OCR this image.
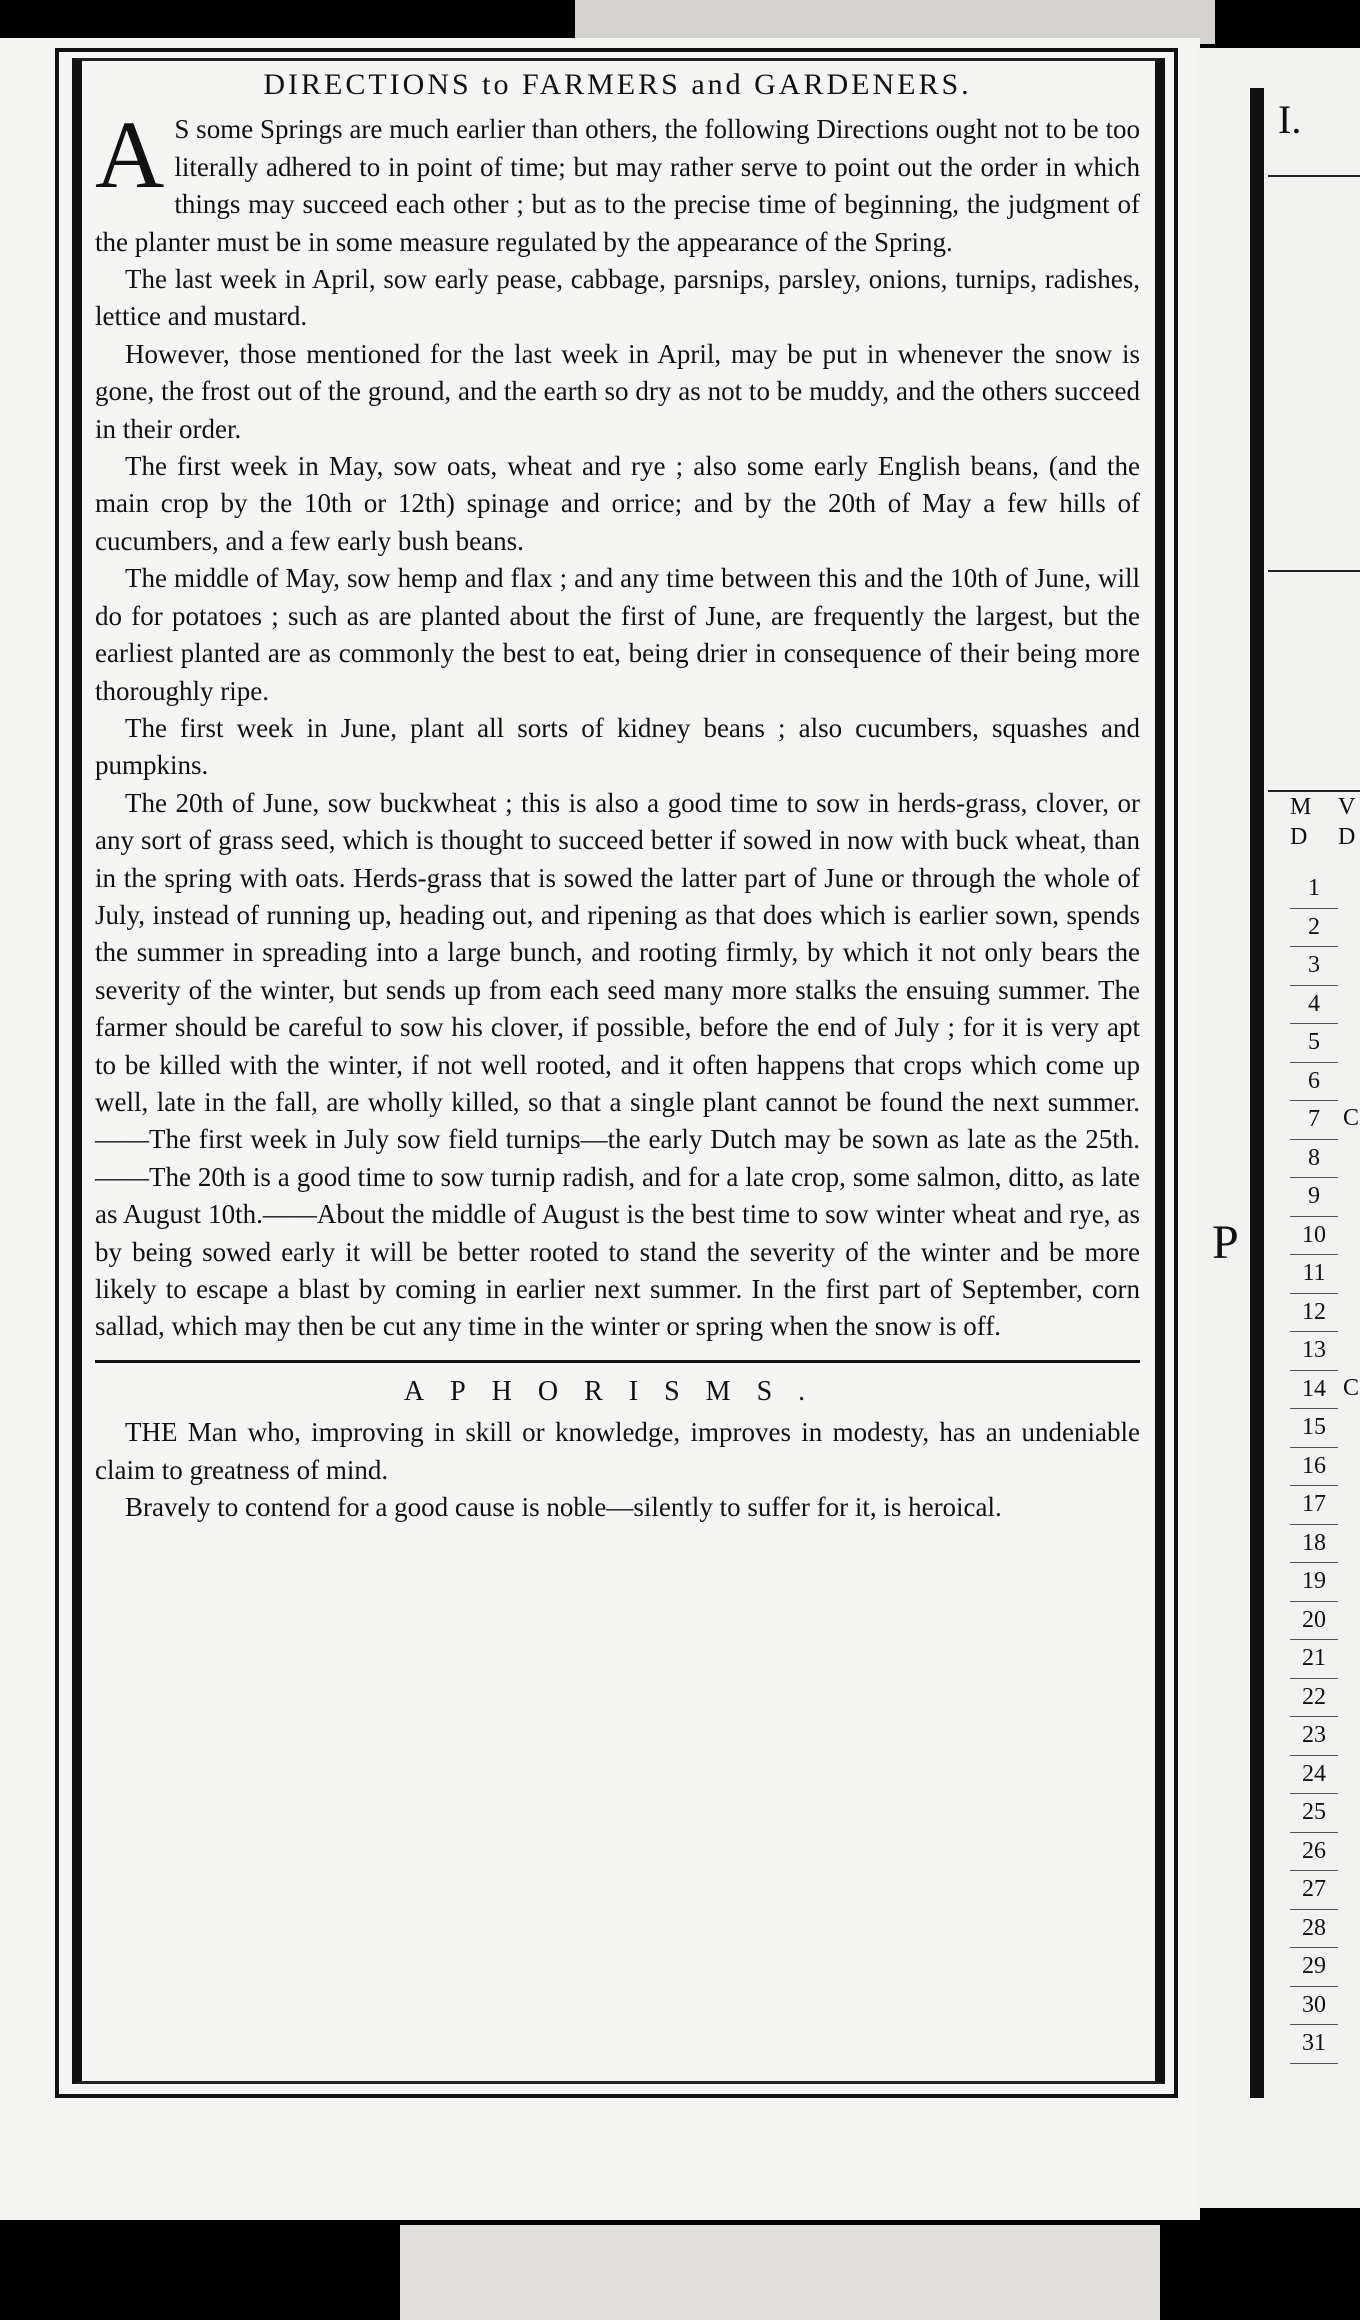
DIRECTIONS to FARMERS and GARDENERS.

A S some Springs are much earlier than others, the following Directions ought not to be too literally adhered to in point of time; but may rather serve to point out the order in which things may succeed each other ; but as to the precise time of beginning, the judgment of the planter must be in some measure regulated by the appearance of the Spring.

The last week in April, sow early pease, cabbage, parsnips, parsley, onions, turnips, radishes, lettice and mustard.

However, those mentioned for the last week in April, may be put in whenever the snow is gone, the frost out of the ground, and the earth so dry as not to be muddy, and the others succeed in their order.

The first week in May, sow oats, wheat and rye ; also some early English beans, (and the main crop by the 10th or 12th) spinage and orrice; and by the 20th of May a few hills of cucumbers, and a few early bush beans.

The middle of May, sow hemp and flax ; and any time between this and the 10th of June, will do for potatoes ; such as are planted about the first of June, are frequently the largest, but the earliest planted are as commonly the best to eat, being drier in consequence of their being more thoroughly ripe.

The first week in June, plant all sorts of kidney beans ; also cucumbers, squashes and pumpkins.

The 20th of June, sow buckwheat ; this is also a good time to sow in herds-grass, clover, or any sort of grass seed, which is thought to succeed better if sowed in now with buck wheat, than in the spring with oats. Herds-grass that is sowed the latter part of June or through the whole of July, instead of running up, heading out, and ripening as that does which is earlier sown, spends the summer in spreading into a large bunch, and rooting firmly, by which it not only bears the severity of the winter, but sends up from each seed many more stalks the ensuing summer. The farmer should be careful to sow his clover, if possible, before the end of July ; for it is very apt to be killed with the winter, if not well rooted, and it often happens that crops which come up well, late in the fall, are wholly killed, so that a single plant cannot be found the next summer.——The first week in July sow field turnips—the early Dutch may be sown as late as the 25th.——The 20th is a good time to sow turnip radish, and for a late crop, some salmon, ditto, as late as August 10th.——About the middle of August is the best time to sow winter wheat and rye, as by being sowed early it will be better rooted to stand the severity of the winter and be more likely to escape a blast by coming in earlier next summer. In the first part of September, corn sallad, which may then be cut any time in the winter or spring when the snow is off.

APHORISMS.

THE Man who, improving in skill or knowledge, improves in modesty, has an undeniable claim to greatness of mind.

Bravely to contend for a good cause is noble—silently to suffer for it, is heroical.

I.
M
D
V
D
1
2
3
4
5
6
7
8
9
10
11
12
13
14
15
16
17
18
19
20
21
22
23
24
25
26
27
28
29
30
31
C
C
P
